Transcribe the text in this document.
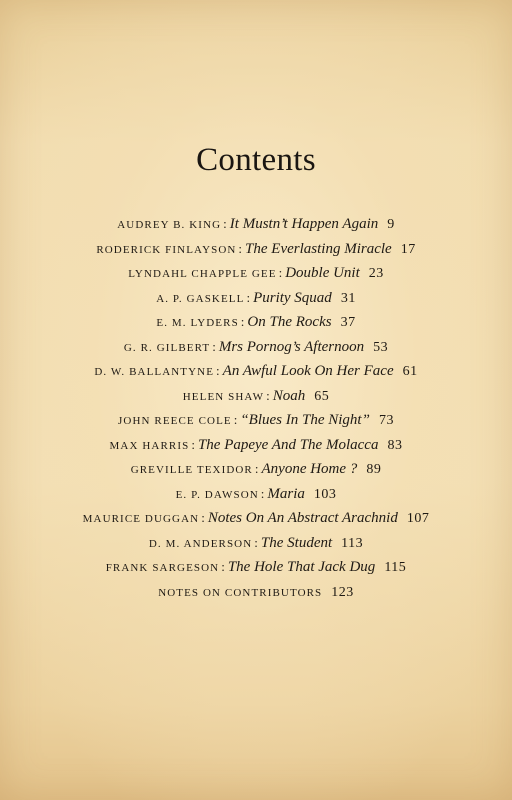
Contents
AUDREY B. KING : It Mustn’t Happen Again 9
RODERICK FINLAYSON : The Everlasting Miracle 17
LYNDAHL CHAPPLE GEE : Double Unit 23
A. P. GASKELL : Purity Squad 31
E. M. LYDERS : On The Rocks 37
G. R. GILBERT : Mrs Pornog’s Afternoon 53
D. W. BALLANTYNE : An Awful Look On Her Face 61
HELEN SHAW : Noah 65
JOHN REECE COLE : “Blues In The Night” 73
MAX HARRIS : The Papeye And The Molacca 83
GREVILLE TEXIDOR : Anyone Home ? 89
E. P. DAWSON : Maria 103
MAURICE DUGGAN : Notes On An Abstract Arachnid 107
D. M. ANDERSON : The Student 113
FRANK SARGESON : The Hole That Jack Dug 115
NOTES ON CONTRIBUTORS 123
